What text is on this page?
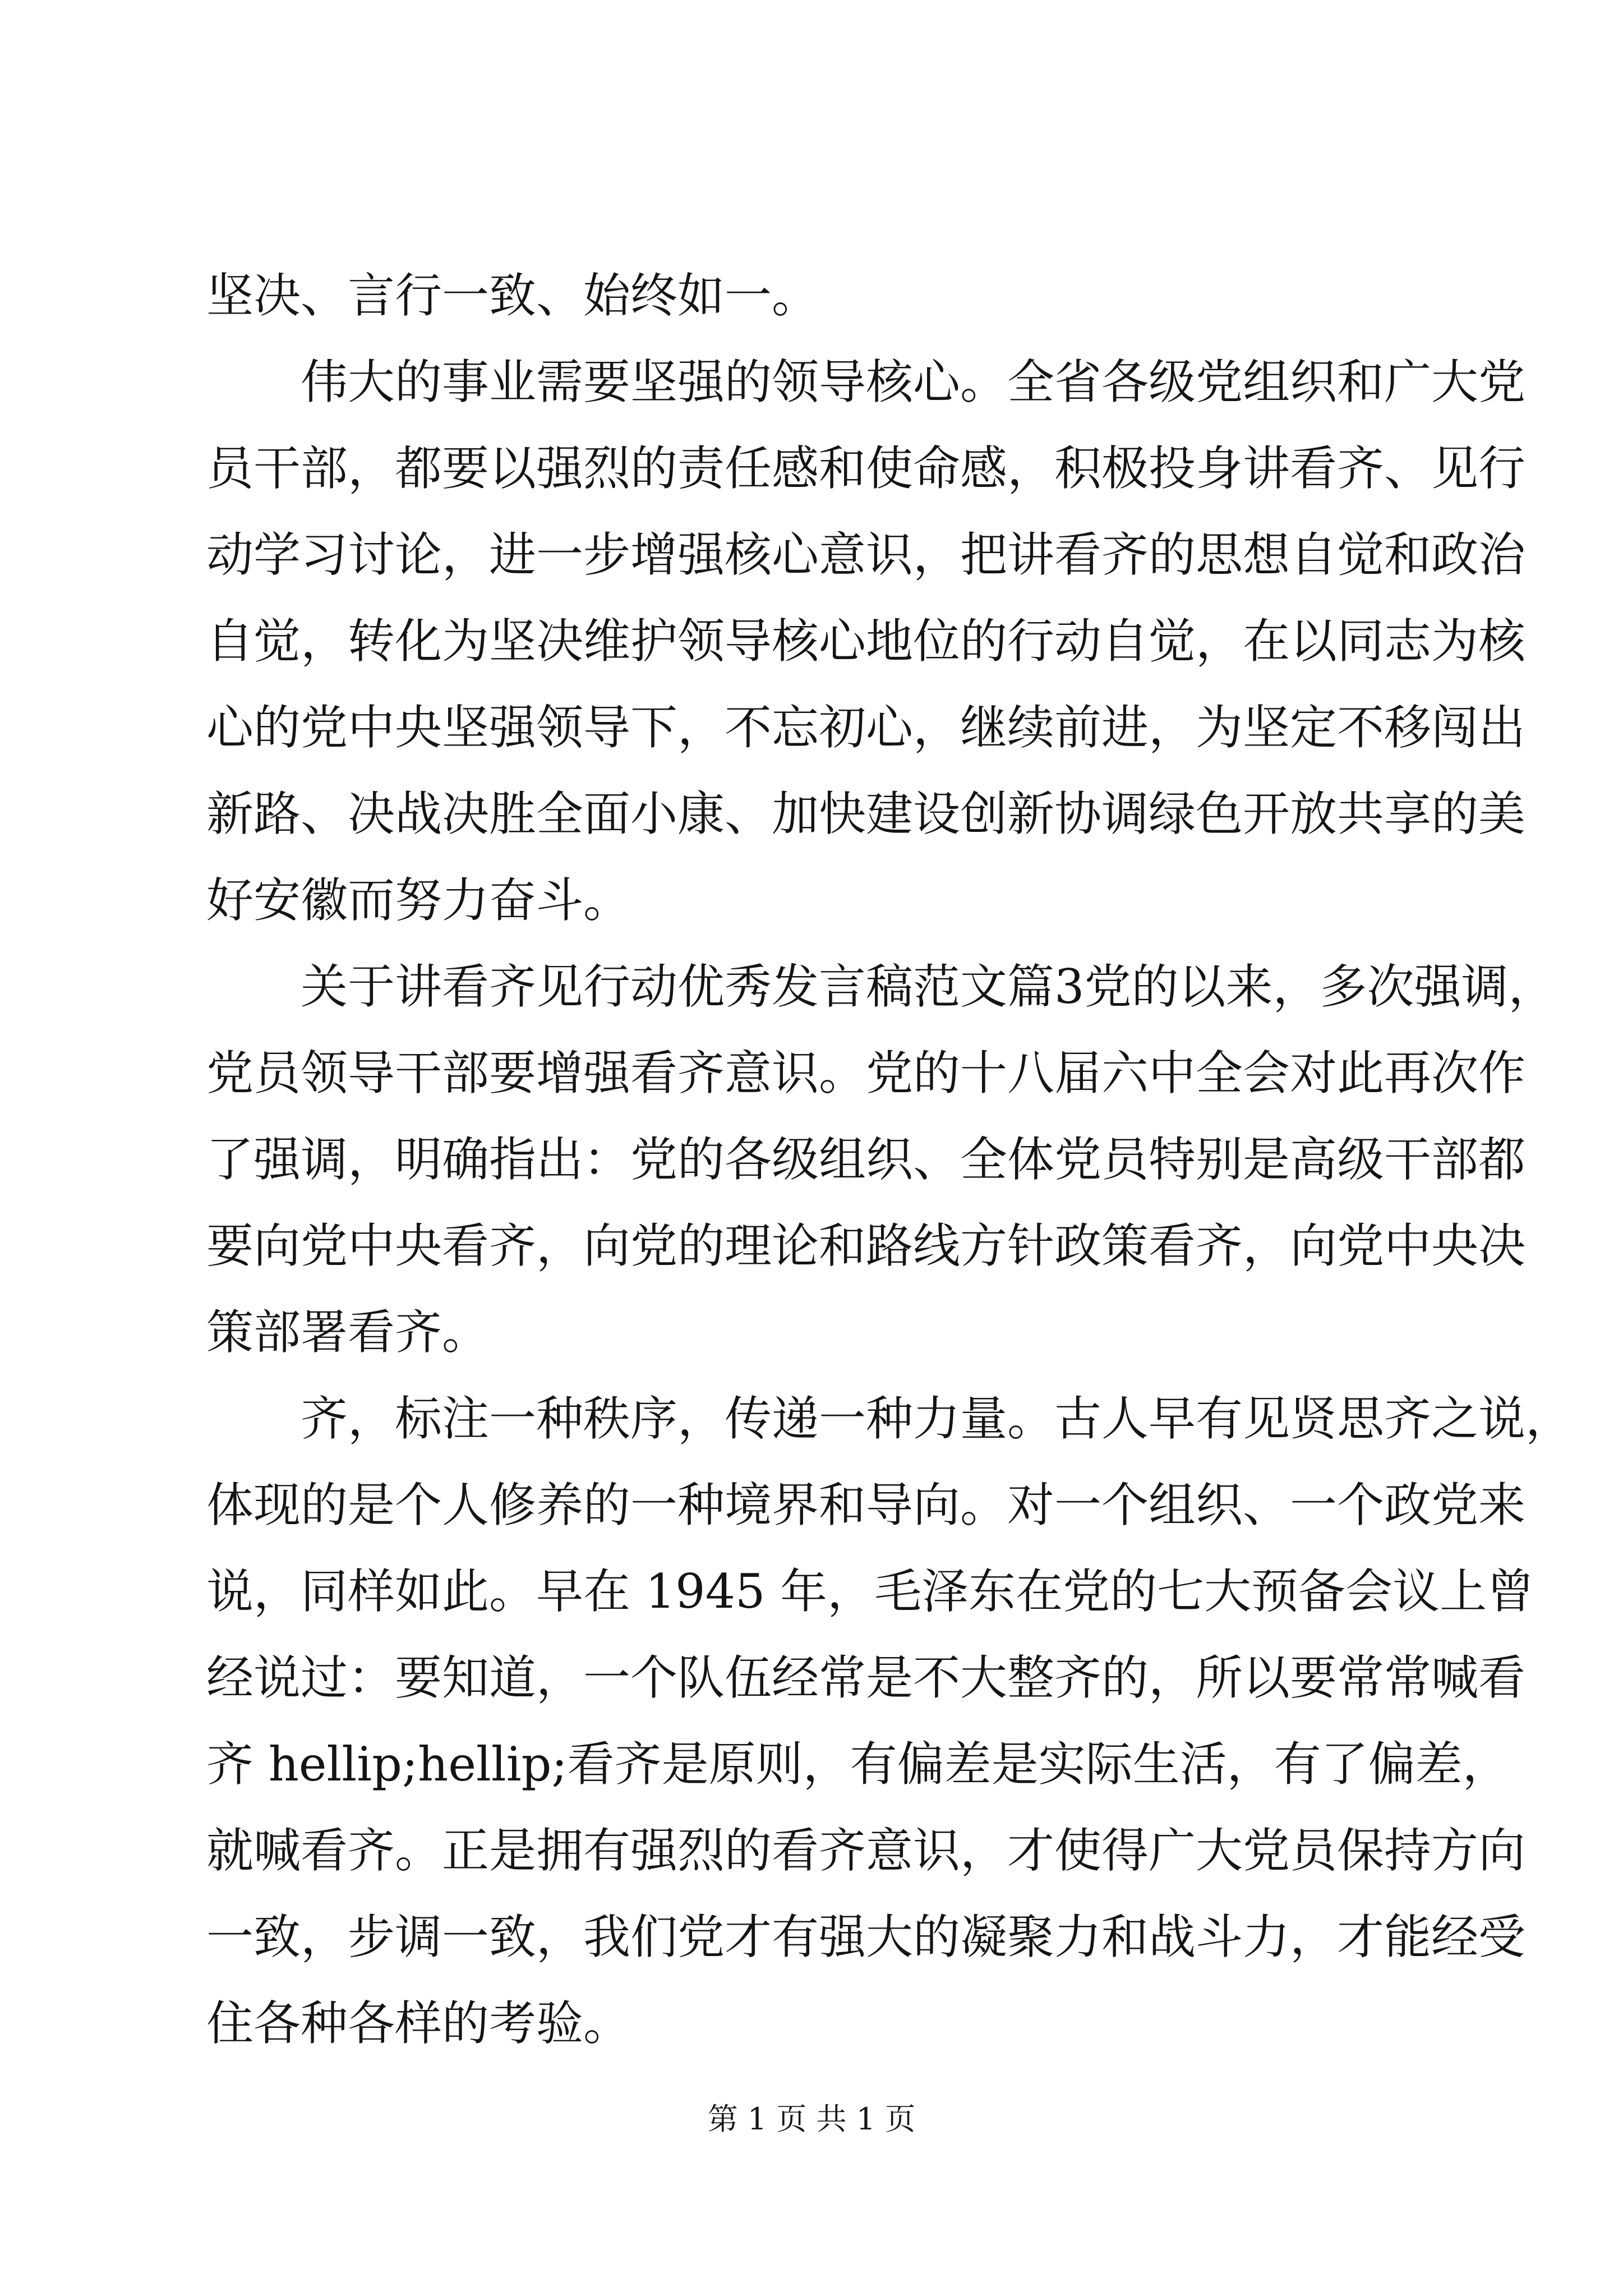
坚决、言行一致、始终如一。
伟大的事业需要坚强的领导核心。全省各级党组织和广大党
员干部，都要以强烈的责任感和使命感，积极投身讲看齐、见行
动学习讨论，进一步增强核心意识，把讲看齐的思想自觉和政治
自觉，转化为坚决维护领导核心地位的行动自觉，在以同志为核
心的党中央坚强领导下，不忘初心，继续前进，为坚定不移闯出
新路、决战决胜全面小康、加快建设创新协调绿色开放共享的美
好安徽而努力奋斗。
关于讲看齐见行动优秀发言稿范文篇3党的以来，多次强调，
党员领导干部要增强看齐意识。党的十八届六中全会对此再次作
了强调，明确指出：党的各级组织、全体党员特别是高级干部都
要向党中央看齐，向党的理论和路线方针政策看齐，向党中央决
策部署看齐。
齐，标注一种秩序，传递一种力量。古人早有见贤思齐之说，
体现的是个人修养的一种境界和导向。对一个组织、一个政党来
说，同样如此。早在 1945 年，毛泽东在党的七大预备会议上曾
经说过：要知道，一个队伍经常是不大整齐的，所以要常常喊看
齐 hellip;hellip;看齐是原则，有偏差是实际生活，有了偏差，
就喊看齐。正是拥有强烈的看齐意识，才使得广大党员保持方向
一致，步调一致，我们党才有强大的凝聚力和战斗力，才能经受
住各种各样的考验。
第 1 页 共 1 页
